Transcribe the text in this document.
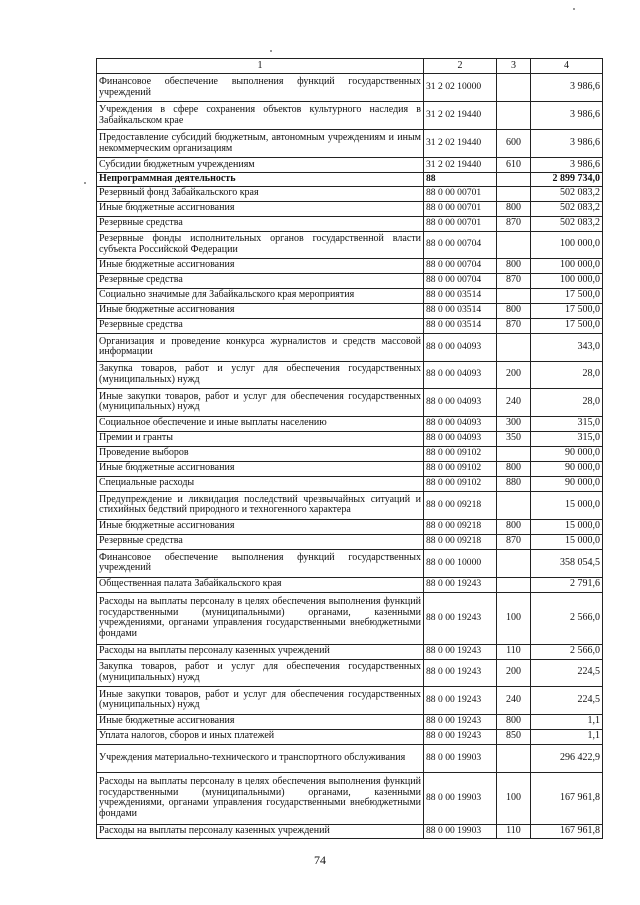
1	2	3	4
Финансовое обеспечение выполнения функций государственных учреждений	31 2 02 10000		3 986,6
Учреждения в сфере сохранения объектов культурного наследия в Забайкальском крае	31 2 02 19440		3 986,6
Предоставление субсидий бюджетным, автономным учреждениям и иным некоммерческим организациям	31 2 02 19440	600	3 986,6
Субсидии бюджетным учреждениям	31 2 02 19440	610	3 986,6
Непрограммная деятельность	88		2 899 734,0
Резервный фонд Забайкальского края	88 0 00 00701		502 083,2
Иные бюджетные ассигнования	88 0 00 00701	800	502 083,2
Резервные средства	88 0 00 00701	870	502 083,2
Резервные фонды исполнительных органов государственной власти субъекта Российской Федерации	88 0 00 00704		100 000,0
Иные бюджетные ассигнования	88 0 00 00704	800	100 000,0
Резервные средства	88 0 00 00704	870	100 000,0
Социально значимые для Забайкальского края мероприятия	88 0 00 03514		17 500,0
Иные бюджетные ассигнования	88 0 00 03514	800	17 500,0
Резервные средства	88 0 00 03514	870	17 500,0
Организация и проведение конкурса журналистов и средств массовой информации	88 0 00 04093		343,0
Закупка товаров, работ и услуг для обеспечения государственных (муниципальных) нужд	88 0 00 04093	200	28,0
Иные закупки товаров, работ и услуг для обеспечения государственных (муниципальных) нужд	88 0 00 04093	240	28,0
Социальное обеспечение и иные выплаты населению	88 0 00 04093	300	315,0
Премии и гранты	88 0 00 04093	350	315,0
Проведение выборов	88 0 00 09102		90 000,0
Иные бюджетные ассигнования	88 0 00 09102	800	90 000,0
Специальные расходы	88 0 00 09102	880	90 000,0
Предупреждение и ликвидация последствий чрезвычайных ситуаций и стихийных бедствий природного и техногенного характера	88 0 00 09218		15 000,0
Иные бюджетные ассигнования	88 0 00 09218	800	15 000,0
Резервные средства	88 0 00 09218	870	15 000,0
Финансовое обеспечение выполнения функций государственных учреждений	88 0 00 10000		358 054,5
Общественная палата Забайкальского края	88 0 00 19243		2 791,6
Расходы на выплаты персоналу в целях обеспечения выполнения функций государственными (муниципальными) органами, казенными учреждениями, органами управления государственными внебюджетными фондами	88 0 00 19243	100	2 566,0
Расходы на выплаты персоналу казенных учреждений	88 0 00 19243	110	2 566,0
Закупка товаров, работ и услуг для обеспечения государственных (муниципальных) нужд	88 0 00 19243	200	224,5
Иные закупки товаров, работ и услуг для обеспечения государственных (муниципальных) нужд	88 0 00 19243	240	224,5
Иные бюджетные ассигнования	88 0 00 19243	800	1,1
Уплата налогов, сборов и иных платежей	88 0 00 19243	850	1,1
Учреждения материально-технического и транспортного обслуживания	88 0 00 19903		296 422,9
Расходы на выплаты персоналу в целях обеспечения выполнения функций государственными (муниципальными) органами, казенными учреждениями, органами управления государственными внебюджетными фондами	88 0 00 19903	100	167 961,8
Расходы на выплаты персоналу казенных учреждений	88 0 00 19903	110	167 961,8
74
